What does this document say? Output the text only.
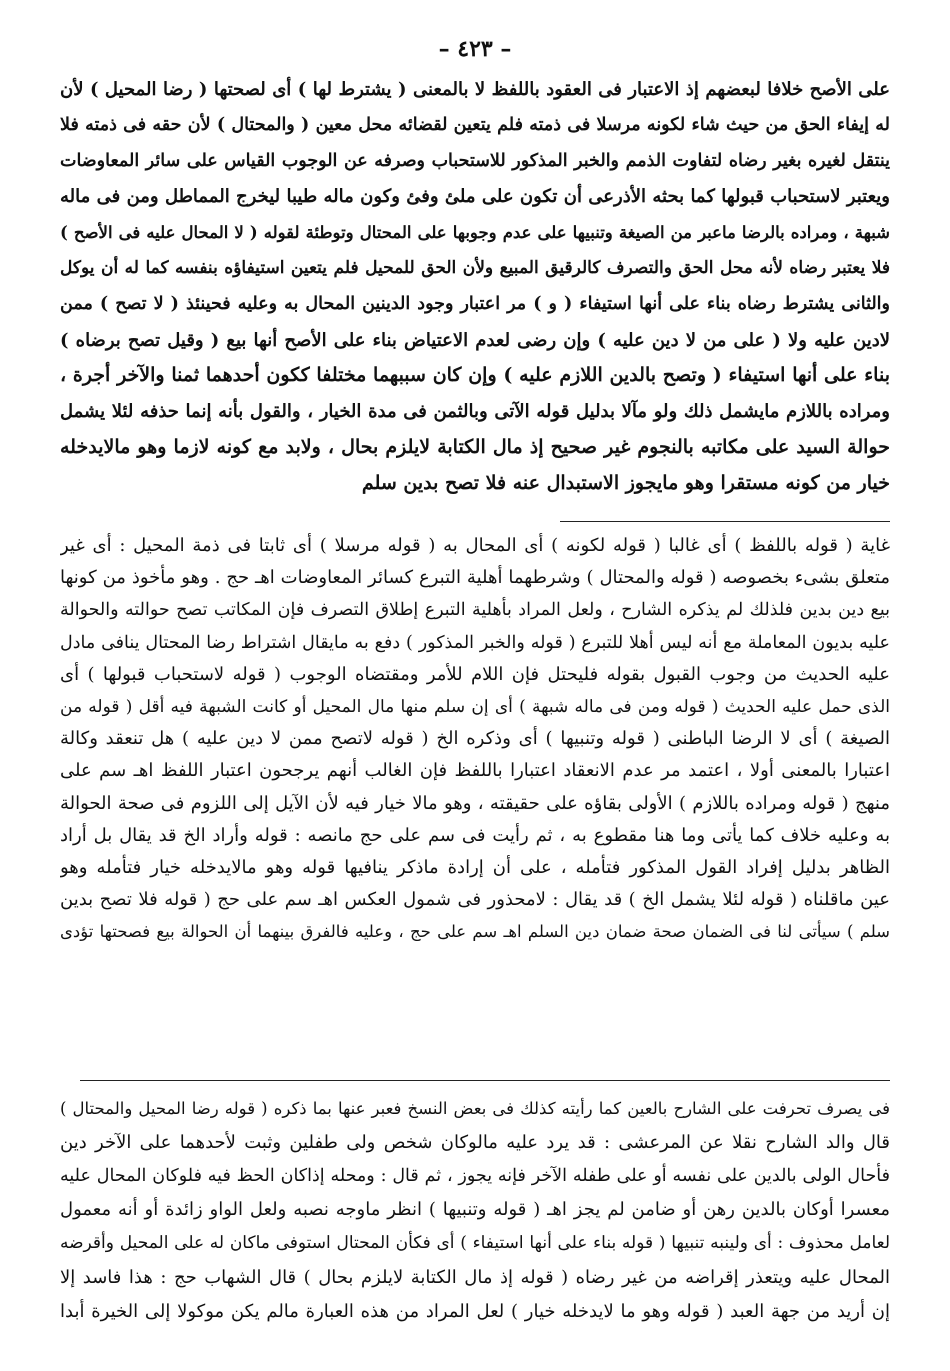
– ٤٢٣ –
على الأصح خلافا لبعضهم إذ الاعتبار فى العقود باللفظ لا بالمعنى ( يشترط لها ) أى لصحتها ( رضا المحيل ) لأن
له إيفاء الحق من حيث شاء لكونه مرسلا فى ذمته فلم يتعين لقضائه محل معين ( والمحتال ) لأن حقه فى ذمته فلا
ينتقل لغيره بغير رضاه لتفاوت الذمم والخبر المذكور للاستحباب وصرفه عن الوجوب القياس على سائر المعاوضات
ويعتبر لاستحباب قبولها كما بحثه الأذرعى أن تكون على ملئ وفئ وكون ماله طيبا ليخرج المماطل ومن فى ماله
شبهة ، ومراده بالرضا ماعبر من الصيغة وتنبيها على عدم وجوبها على المحتال وتوطئة لقوله ( لا المحال عليه فى الأصح )
فلا يعتبر رضاه لأنه محل الحق والتصرف كالرقيق المبيع ولأن الحق للمحيل فلم يتعين استيفاؤه بنفسه كما له أن يوكل
والثانى يشترط رضاه بناء على أنها استيفاء ( و ) مر اعتبار وجود الدينين المحال به وعليه فحينئذ ( لا تصح ) ممن
لادين عليه ولا ( على من لا دين عليه ) وإن رضى لعدم الاعتياض بناء على الأصح أنها بيع ( وقيل تصح برضاه )
بناء على أنها استيفاء ( وتصح بالدين اللازم عليه ) وإن كان سببهما مختلفا ككون أحدهما ثمنا والآخر أجرة ،
ومراده باللازم مايشمل ذلك ولو مآلا بدليل قوله الآتى وبالثمن فى مدة الخيار ، والقول بأنه إنما حذفه لئلا يشمل
حوالة السيد على مكاتبه بالنجوم غير صحيح إذ مال الكتابة لايلزم بحال ، ولابد مع كونه لازما وهو مالايدخله
خيار من كونه مستقرا وهو مايجوز الاستبدال عنه فلا تصح بدين سلم
غاية ( قوله باللفظ ) أى غالبا ( قوله لكونه ) أى المحال به ( قوله مرسلا ) أى ثابتا فى ذمة المحيل : أى غير
متعلق بشىء بخصوصه ( قوله والمحتال ) وشرطهما أهلية التبرع كسائر المعاوضات اهـ حج . وهو مأخوذ من كونها
بيع دين بدين فلذلك لم يذكره الشارح ، ولعل المراد بأهلية التبرع إطلاق التصرف فإن المكاتب تصح حوالته والحوالة
عليه بديون المعاملة مع أنه ليس أهلا للتبرع ( قوله والخبر المذكور ) دفع به مايقال اشتراط رضا المحتال ينافى مادل
عليه الحديث من وجوب القبول بقوله فليحتل فإن اللام للأمر ومقتضاه الوجوب ( قوله لاستحباب قبولها ) أى
الذى حمل عليه الحديث ( قوله ومن فى ماله شبهة ) أى إن سلم منها مال المحيل أو كانت الشبهة فيه أقل ( قوله من
الصيغة ) أى لا الرضا الباطنى ( قوله وتنبيها ) أى وذكره الخ ( قوله لاتصح ممن لا دين عليه ) هل تنعقد وكالة
اعتبارا بالمعنى أولا ، اعتمد مر عدم الانعقاد اعتبارا باللفظ فإن الغالب أنهم يرجحون اعتبار اللفظ اهـ سم على
منهج ( قوله ومراده باللازم ) الأولى بقاؤه على حقيقته ، وهو مالا خيار فيه لأن الآيل إلى اللزوم فى صحة الحوالة
به وعليه خلاف كما يأتى وما هنا مقطوع به ، ثم رأيت فى سم على حج مانصه : قوله وأراد الخ قد يقال بل أراد
الظاهر بدليل إفراد القول المذكور فتأمله ، على أن إرادة ماذكر ينافيها قوله وهو مالايدخله خيار فتأمله وهو
عين ماقلناه ( قوله لئلا يشمل الخ ) قد يقال : لامحذور فى شمول العكس اهـ سم على حج ( قوله فلا تصح بدين
سلم ) سيأتى لنا فى الضمان صحة ضمان دين السلم اهـ سم على حج ، وعليه فالفرق بينهما أن الحوالة بيع فصحتها تؤدى
فى يصرف تحرفت على الشارح بالعين كما رأيته كذلك فى بعض النسخ فعبر عنها بما ذكره ( قوله رضا المحيل والمحتال )
قال والد الشارح نقلا عن المرعشى : قد يرد عليه مالوكان شخص ولى طفلين وثبت لأحدهما على الآخر دين
فأحال الولى بالدين على نفسه أو على طفله الآخر فإنه يجوز ، ثم قال : ومحله إذاكان الحظ فيه فلوكان المحال عليه
معسرا أوكان بالدين رهن أو ضامن لم يجز اهـ ( قوله وتنبيها ) انظر ماوجه نصبه ولعل الواو زائدة أو أنه معمول
لعامل محذوف : أى ولينبه تنبيها ( قوله بناء على أنها استيفاء ) أى فكأن المحتال استوفى ماكان له على المحيل وأقرضه
المحال عليه ويتعذر إقراضه من غير رضاه ( قوله إذ مال الكتابة لايلزم بحال ) قال الشهاب حج : هذا فاسد إلا
إن أريد من جهة العبد ( قوله وهو ما لايدخله خيار ) لعل المراد من هذه العبارة مالم يكن موكولا إلى الخيرة أبدا
